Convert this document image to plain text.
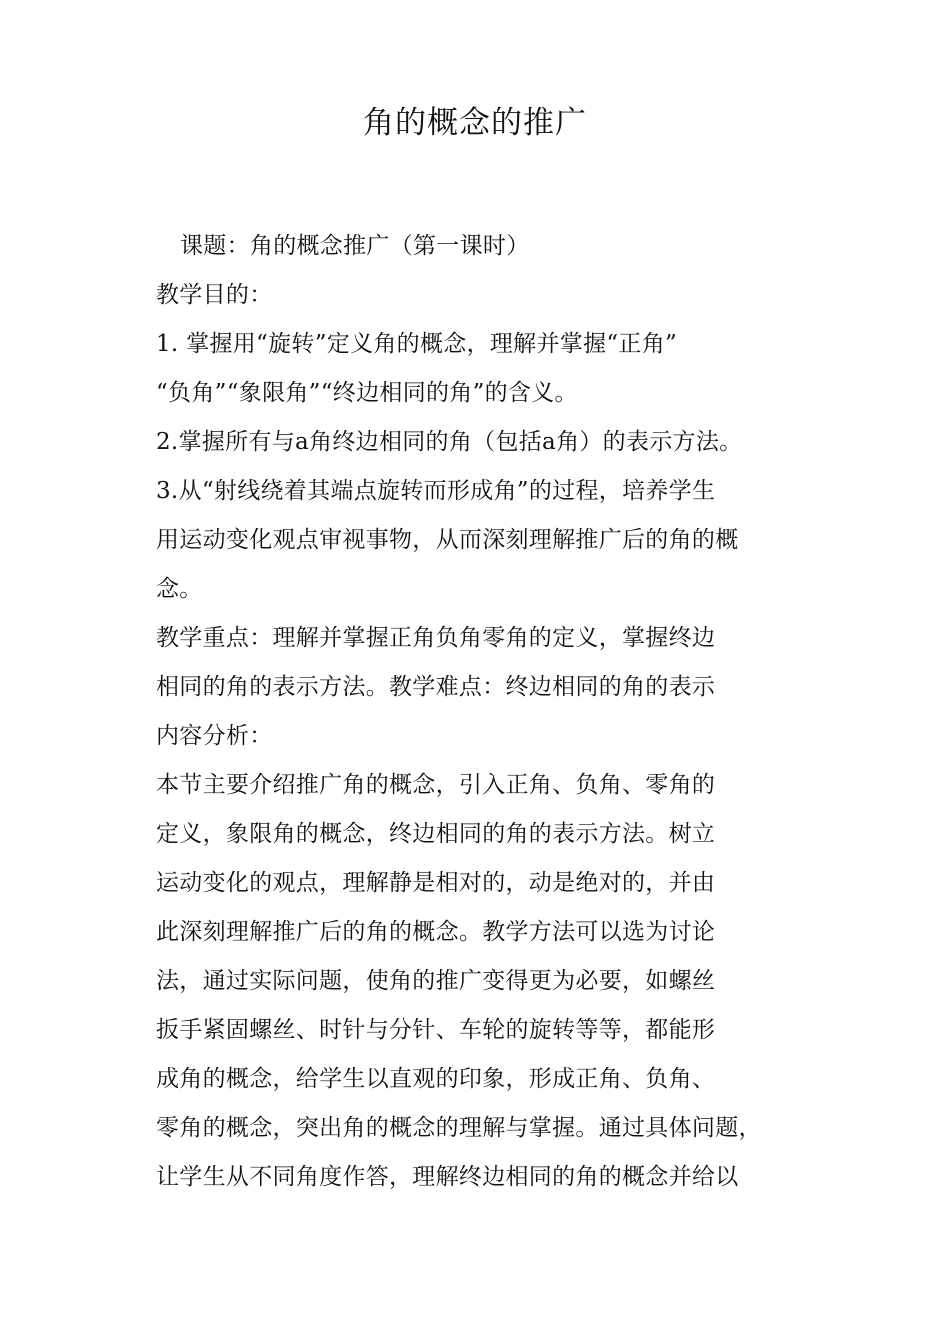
角的概念的推广
课题：角的概念推广（第一课时）
教学目的：
1. 掌握用“旋转”定义角的概念，理解并掌握“正角”
“负角”“象限角”“终边相同的角”的含义。
2.掌握所有与a角终边相同的角（包括a角）的表示方法。
3.从“射线绕着其端点旋转而形成角”的过程，培养学生
用运动变化观点审视事物，从而深刻理解推广后的角的概
念。
教学重点：理解并掌握正角负角零角的定义，掌握终边
相同的角的表示方法。教学难点：终边相同的角的表示
内容分析：
本节主要介绍推广角的概念，引入正角、负角、零角的
定义，象限角的概念，终边相同的角的表示方法。树立
运动变化的观点，理解静是相对的，动是绝对的，并由
此深刻理解推广后的角的概念。教学方法可以选为讨论
法，通过实际问题，使角的推广变得更为必要，如螺丝
扳手紧固螺丝、时针与分针、车轮的旋转等等，都能形
成角的概念，给学生以直观的印象，形成正角、负角、
零角的概念，突出角的概念的理解与掌握。通过具体问题，
让学生从不同角度作答，理解终边相同的角的概念并给以
